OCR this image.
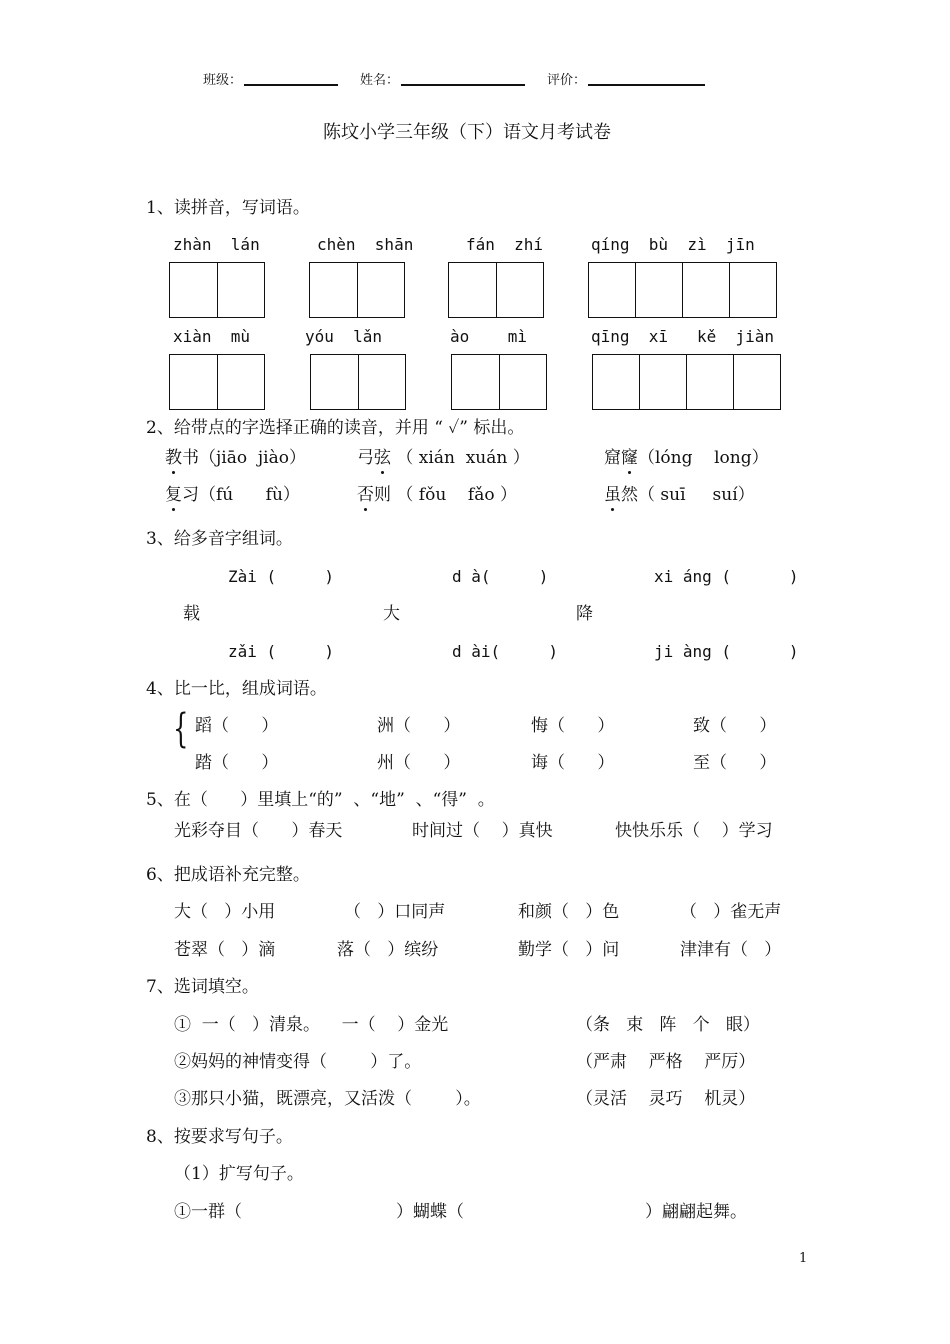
班级：	姓名：	评价：
陈坟小学三年级（下）语文月考试卷
1、读拼音，写词语。
zhàn  lán	chèn  shān	fán  zhí	qíng  bù  zì  jīn
xiàn  mù	yóu  lǎn	ào    mì	qīng  xī   kě  jiàn
2、给带点的字选择正确的读音，并用 “ ✓” 标出。
教书（jiāo  jiào）	弓弦 （ xián  xuán ）	窟窿（lóng    long）
复习（fú      fù）	否则 （ fǒu    fǎo ）	虽然（ suī     suí）
3、给多音字组词。
Zài (     )	d à(     )	xi áng (      )
载	大	降
zǎi (     )	d ài(     )	ji àng (      )
4、比一比，组成词语。
{ 蹈（      ）	洲（      ）	悔（      ）	致（      ）
踏（      ）	州（      ）	诲（      ）	至（      ）
5、在（      ）里填上“的”  、“地”  、“得”  。
光彩夺目（      ）春天	时间过（    ）真快	快快乐乐（    ）学习
6、把成语补充完整。
大（   ）小用	（   ）口同声	和颜（   ）色	（   ）雀无声
苍翠（   ）滴	落（   ）缤纷	勤学（   ）问	津津有（   ）
7、选词填空。
①  一（   ）清泉。    一（    ）金光	（条   束   阵   个   眼）
②妈妈的神情变得（        ）了。	（严肃    严格    严厉）
③那只小猫，既漂亮，又活泼（        ）。	（灵活    灵巧    机灵）
8、按要求写句子。
（1）扩写句子。
①一群（	）蝴蝶（	）翩翩起舞。
1
